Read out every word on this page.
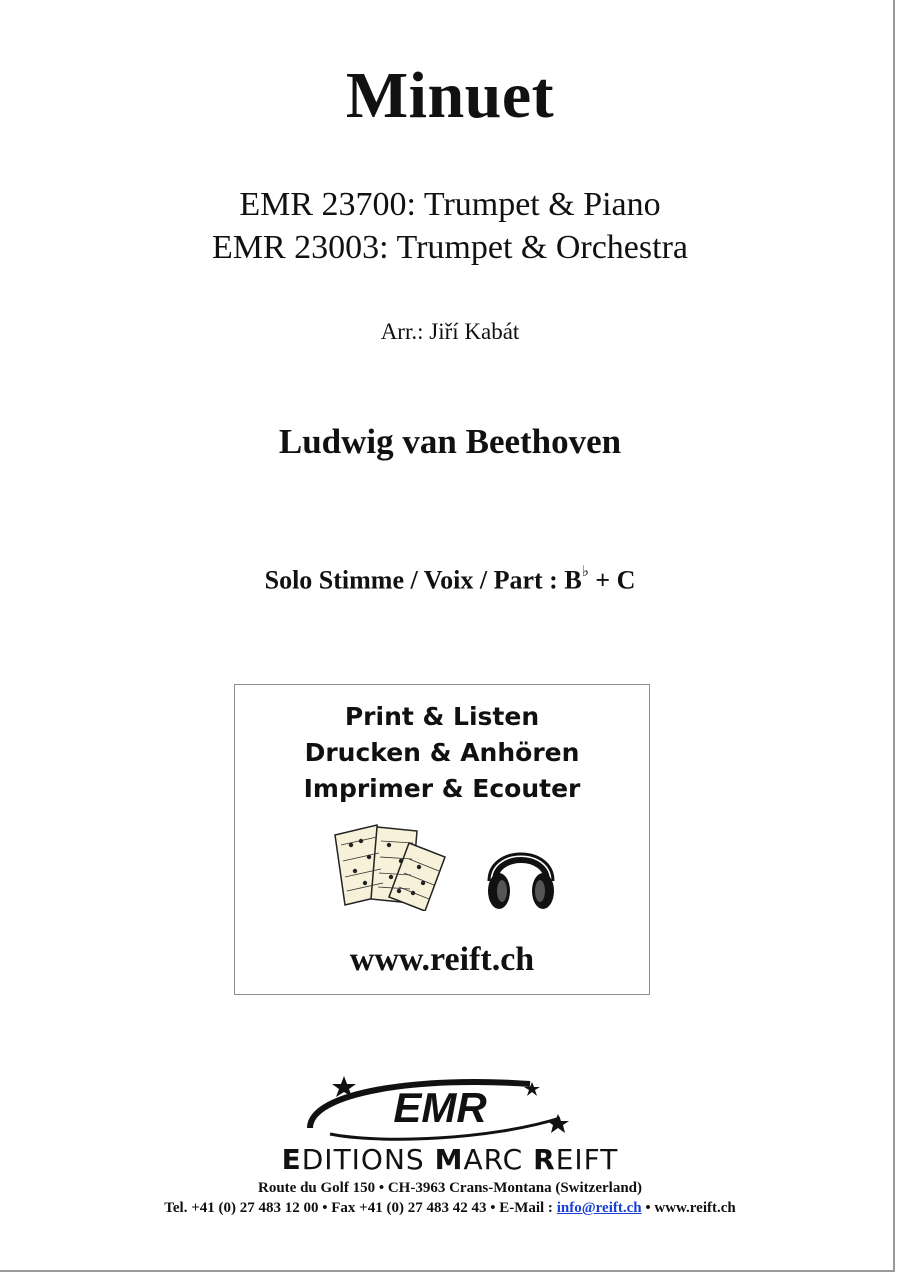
Minuet
EMR 23700: Trumpet & Piano
EMR 23003: Trumpet & Orchestra
Arr.: Jiří Kabát
Ludwig van Beethoven
Solo Stimme / Voix / Part : B♭ + C
Print & Listen
Drucken & Anhören
Imprimer & Ecouter
www.reift.ch
EMR
EDITIONS MARC REIFT
Route du Golf 150 • CH-3963 Crans-Montana (Switzerland)
Tel. +41 (0) 27 483 12 00 • Fax +41 (0) 27 483 42 43 • E-Mail : info@reift.ch • www.reift.ch
